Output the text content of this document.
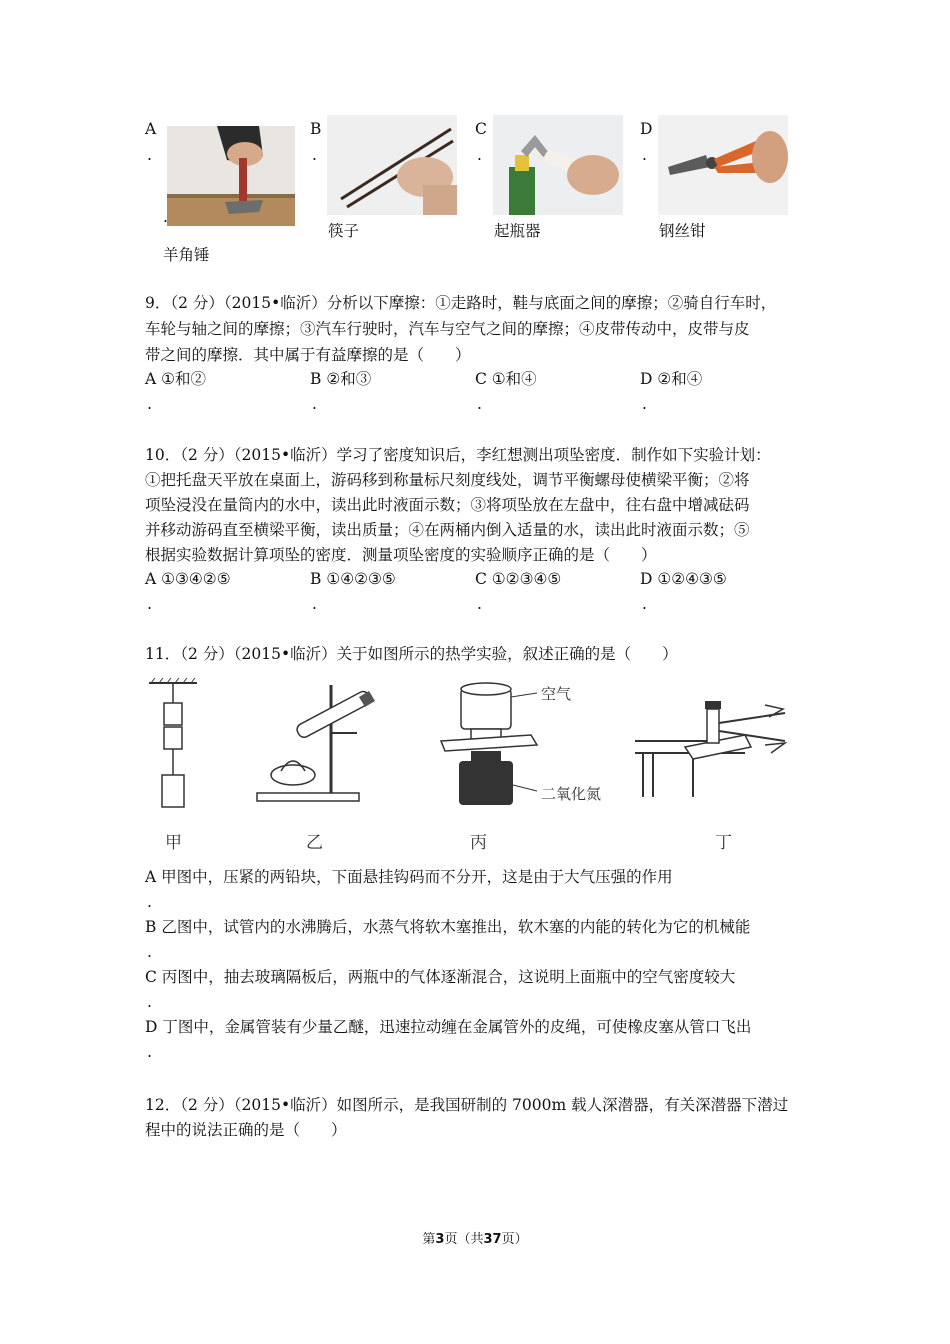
A
.
.
羊角锤
B
.
筷子
C
.
起瓶器
D
.
钢丝钳
9．（2 分）（2015•临沂）分析以下摩擦：①走路时，鞋与底面之间的摩擦；②骑自行车时，
车轮与轴之间的摩擦；③汽车行驶时，汽车与空气之间的摩擦；④皮带传动中，皮带与皮
带之间的摩擦．其中属于有益摩擦的是（　　）
A ①和②	B ②和③	C ①和④	D ②和④
.	.	.	.
10．（2 分）（2015•临沂）学习了密度知识后，李红想测出项坠密度．制作如下实验计划：
①把托盘天平放在桌面上，游码移到称量标尺刻度线处，调节平衡螺母使横梁平衡；②将
项坠浸没在量筒内的水中，读出此时液面示数；③将项坠放在左盘中，往右盘中增减砝码
并移动游码直至横梁平衡，读出质量；④在两桶内倒入适量的水，读出此时液面示数；⑤
根据实验数据计算项坠的密度．测量项坠密度的实验顺序正确的是（　　）
A ①③④②⑤	B ①④②③⑤	C ①②③④⑤	D ①②④③⑤
.	.	.	.
11．（2 分）（2015•临沂）关于如图所示的热学实验，叙述正确的是（　　）
空气
二氧化氮
甲	乙	丙	丁
A 甲图中，压紧的两铅块，下面悬挂钩码而不分开，这是由于大气压强的作用
.
B 乙图中，试管内的水沸腾后，水蒸气将软木塞推出，软木塞的内能的转化为它的机械能
.
C 丙图中，抽去玻璃隔板后，两瓶中的气体逐渐混合，这说明上面瓶中的空气密度较大
.
D 丁图中，金属管装有少量乙醚，迅速拉动缠在金属管外的皮绳，可使橡皮塞从管口飞出
.
12．（2 分）（2015•临沂）如图所示，是我国研制的 7000m 载人深潜器，有关深潜器下潜过
程中的说法正确的是（　　）
第3页（共37页）
